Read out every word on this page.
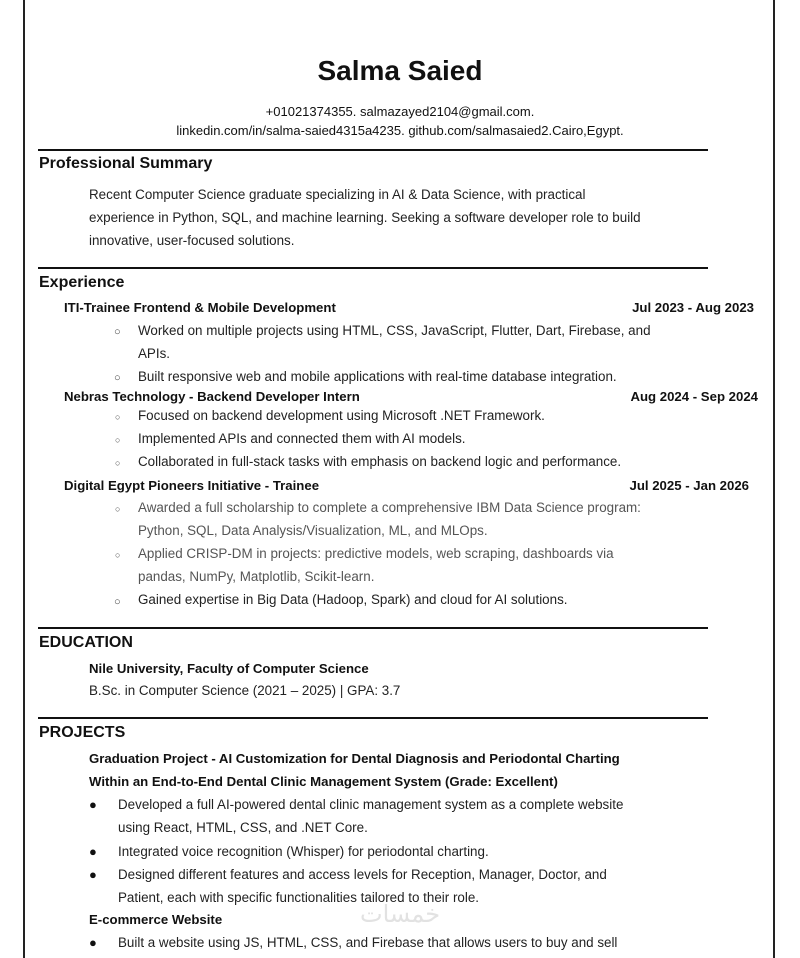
Salma Saied
+01021374355. salmazayed2104@gmail.com.
linkedin.com/in/salma-saied4315a4235. github.com/salmasaied2.Cairo,Egypt.
Professional Summary
Recent Computer Science graduate specializing in AI & Data Science, with practical
experience in Python, SQL, and machine learning. Seeking a software developer role to build
innovative, user-focused solutions.
Experience
ITI-Trainee Frontend & Mobile Development	Jul 2023 - Aug 2023
○ Worked on multiple projects using HTML, CSS, JavaScript, Flutter, Dart, Firebase, and
APIs.
○ Built responsive web and mobile applications with real-time database integration.
Nebras Technology - Backend Developer Intern	Aug 2024 - Sep 2024
○ Focused on backend development using Microsoft .NET Framework.
○ Implemented APIs and connected them with AI models.
○ Collaborated in full-stack tasks with emphasis on backend logic and performance.
Digital Egypt Pioneers Initiative - Trainee	Jul 2025 - Jan 2026
○ Awarded a full scholarship to complete a comprehensive IBM Data Science program:
Python, SQL, Data Analysis/Visualization, ML, and MLOps.
○ Applied CRISP-DM in projects: predictive models, web scraping, dashboards via
pandas, NumPy, Matplotlib, Scikit-learn.
○ Gained expertise in Big Data (Hadoop, Spark) and cloud for AI solutions.
EDUCATION
Nile University, Faculty of Computer Science
B.Sc. in Computer Science (2021 – 2025) | GPA: 3.7
PROJECTS
Graduation Project - AI Customization for Dental Diagnosis and Periodontal Charting
Within an End-to-End Dental Clinic Management System (Grade: Excellent)
● Developed a full AI-powered dental clinic management system as a complete website
using React, HTML, CSS, and .NET Core.
● Integrated voice recognition (Whisper) for periodontal charting.
● Designed different features and access levels for Reception, Manager, Doctor, and
Patient, each with specific functionalities tailored to their role.
خمسات
E-commerce Website
● Built a website using JS, HTML, CSS, and Firebase that allows users to buy and sell
